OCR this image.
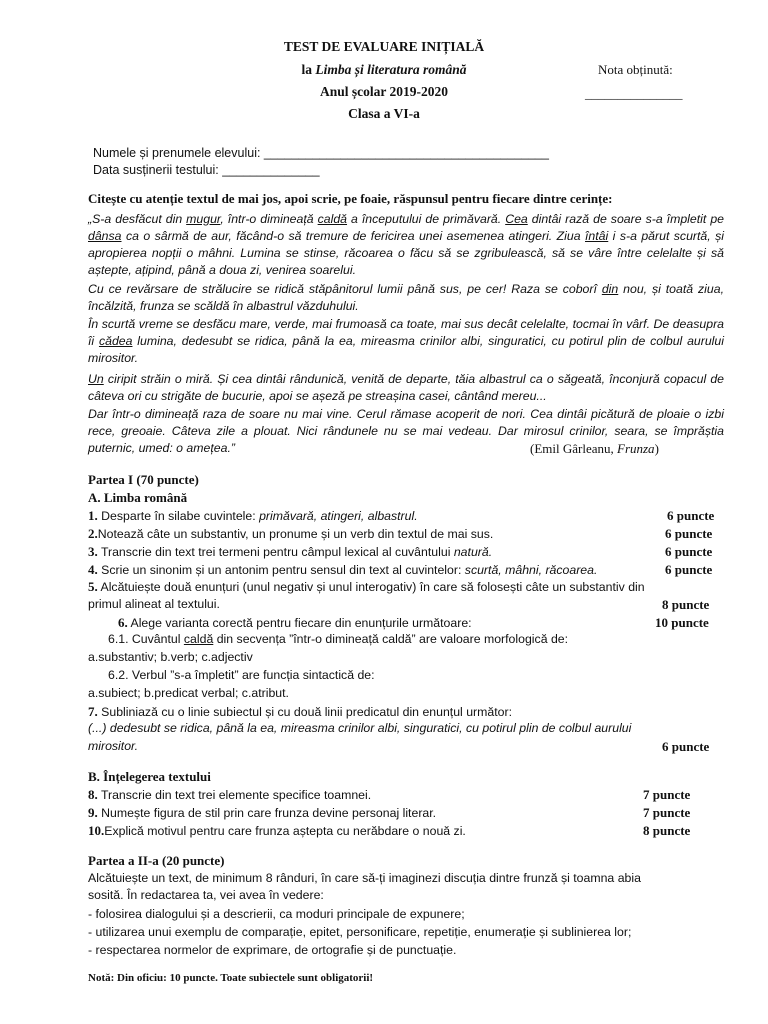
TEST DE EVALUARE INIȚIALĂ
la Limba și literatura română
Anul școlar 2019-2020
Clasa a VI-a
Nota obținută:
_______________
Numele și prenumele elevului: _________________________________________
Data susținerii testului: ______________
Citește cu atenție textul de mai jos, apoi scrie, pe foaie, răspunsul pentru fiecare dintre cerințe:
„S-a desfăcut din mugur, într-o dimineață caldă a începutului de primăvară. Cea dintâi rază de soare s-a împletit pe dânsa ca o sârmă de aur, făcând-o să tremure de fericirea unei asemenea atingeri. Ziua întâi i s-a părut scurtă, și apropierea nopții o mâhni. Lumina se stinse, răcoarea o făcu să se zgribulească, să se vâre între celelalte și să aștepte, ațipind, până a doua zi, venirea soarelui.
Cu ce revărsare de strălucire se ridică stăpânitorul lumii până sus, pe cer! Raza se coborî din nou, și toată ziua, încălzită, frunza se scăldă în albastrul văzduhului.
În scurtă vreme se desfăcu mare, verde, mai frumoasă ca toate, mai sus decât celelalte, tocmai în vârf. De deasupra îi cădea lumina, dedesubt se ridica, până la ea, mireasma crinilor albi, singuratici, cu potirul plin de colbul aurului mirositor.
Un ciripit străin o miră. Și cea dintâi rândunică, venită de departe, tăia albastrul ca o săgeată, înconjură copacul de câteva ori cu strigăte de bucurie, apoi se așeză pe streașina casei, cântând mereu...
Dar într-o dimineață raza de soare nu mai vine. Cerul rămase acoperit de nori. Cea dintâi picătură de ploaie o izbi rece, greoaie. Câteva zile a plouat. Nici rândunele nu se mai vedeau. Dar mirosul crinilor, seara, se împrăștia puternic, umed: o amețea.”	(Emil Gârleanu, Frunza)
Partea I (70 puncte)
A. Limba română
1. Desparte în silabe cuvintele: primăvară, atingeri, albastrul.	6 puncte
2.Notează câte un substantiv, un pronume și un verb din textul de mai sus.	6 puncte
3. Transcrie din text trei termeni pentru câmpul lexical al cuvântului natură.	6 puncte
4. Scrie un sinonim și un antonim pentru sensul din text al cuvintelor: scurtă, mâhni, răcoarea.	6 puncte
5. Alcătuiește două enunțuri (unul negativ și unul interogativ) în care să folosești câte un substantiv din
primul alineat al textului.	8 puncte
6. Alege varianta corectă pentru fiecare din enunțurile următoare:	10 puncte
6.1. Cuvântul caldă din secvența ”într-o dimineață caldă” are valoare morfologică de:
a.substantiv; b.verb; c.adjectiv
6.2. Verbul ”s-a împletit” are funcția sintactică de:
a.subiect; b.predicat verbal; c.atribut.
7. Subliniază cu o linie subiectul și cu două linii predicatul din enunțul următor:
(...) dedesubt se ridica, până la ea, mireasma crinilor albi, singuratici, cu potirul plin de colbul aurului
mirositor.	6 puncte
B. Înțelegerea textului
8. Transcrie din text trei elemente specifice toamnei.	7 puncte
9. Numește figura de stil prin care frunza devine personaj literar.	7 puncte
10.Explică motivul pentru care frunza aștepta cu nerăbdare o nouă zi.	8 puncte
Partea a II-a (20 puncte)
Alcătuiește un text, de minimum 8 rânduri, în care să-ți imaginezi discuția dintre frunză și toamna abia
sosită. În redactarea ta, vei avea în vedere:
- folosirea dialogului și a descrierii, ca moduri principale de expunere;
- utilizarea unui exemplu de comparație, epitet, personificare, repetiție, enumerație și sublinierea lor;
- respectarea normelor de exprimare, de ortografie și de punctuație.
Notă: Din oficiu: 10 puncte. Toate subiectele sunt obligatorii!
